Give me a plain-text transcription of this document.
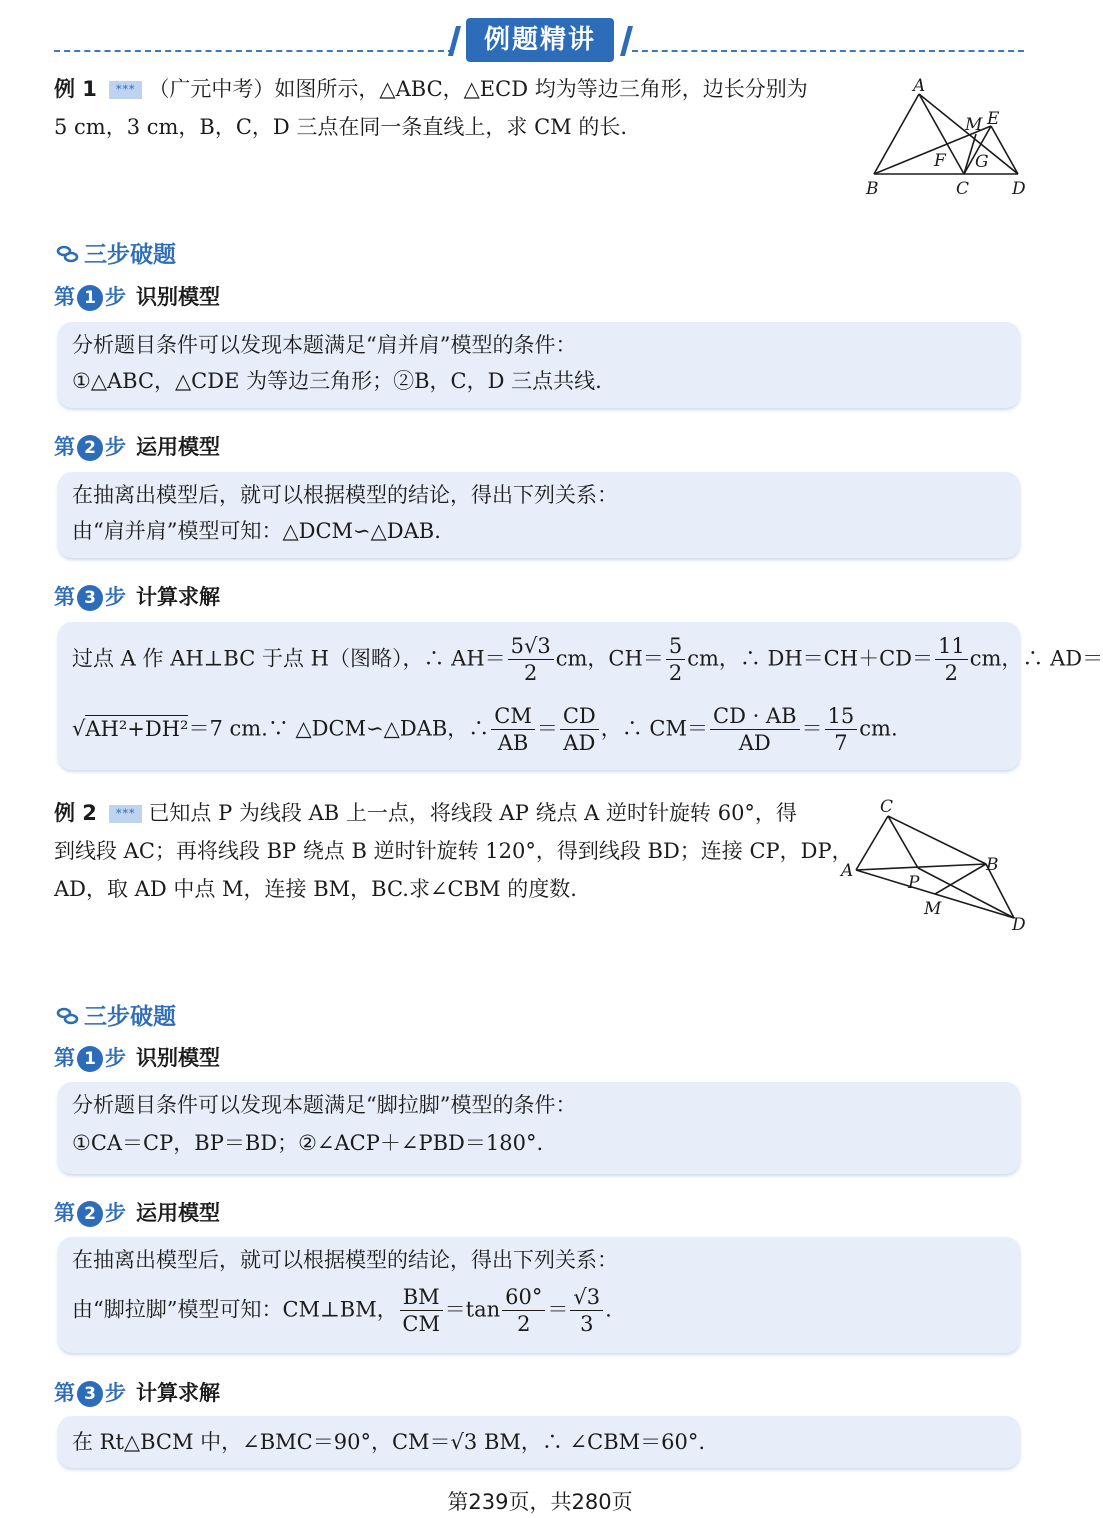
例题精讲
例 1 *** （广元中考）如图所示，△ABC，△ECD 均为等边三角形，边长分别为
5 cm，3 cm，B，C，D 三点在同一条直线上，求 CM 的长.
A
M E
F G
B	C	D
三步破题
第 1 步 识别模型
分析题目条件可以发现本题满足“肩并肩”模型的条件：
①△ABC，△CDE 为等边三角形；②B，C，D 三点共线.
第 2 步 运用模型
在抽离出模型后，就可以根据模型的结论，得出下列关系：
由“肩并肩”模型可知：△DCM∽△DAB.
第 3 步 计算求解
过点 A 作 AH⊥BC 于点 H（图略），∴ $AH= \frac{5√3}{2}$ cm，$CH= \frac{5}{2}$ cm，∴ $DH=CH+CD= \frac{11}{2}$ cm，∴ AD＝
√AH²+DH²＝7 cm.∵ △DCM∽△DAB，∴ $\frac{CM}{AB} = \frac{CD}{AD}$ ，∴ $CM= \frac{CD \cdot AB}{AD} = \frac{15}{7}$ cm.
例 2 *** 已知点 P 为线段 AB 上一点，将线段 AP 绕点 A 逆时针旋转 60°，得
到线段 AC；再将线段 BP 绕点 B 逆时针旋转 120°，得到线段 BD；连接 CP，DP，
AD，取 AD 中点 M，连接 BM，BC.求∠CBM 的度数.
C
A	B
P
M
D
三步破题
第 1 步 识别模型
分析题目条件可以发现本题满足“脚拉脚”模型的条件：
①CA＝CP，BP＝BD；②∠ACP＋∠PBD＝180°.
第 2 步 运用模型
在抽离出模型后，就可以根据模型的结论，得出下列关系：
由“脚拉脚”模型可知：CM⊥BM， $\frac{BM}{CM} =\tan \frac{60^\circ}{2} = \frac{√3}{3}$ .
第 3 步 计算求解
在 Rt△BCM 中，∠BMC＝90°，CM＝√3 BM，∴ ∠CBM＝60°.
第239页，共280页
